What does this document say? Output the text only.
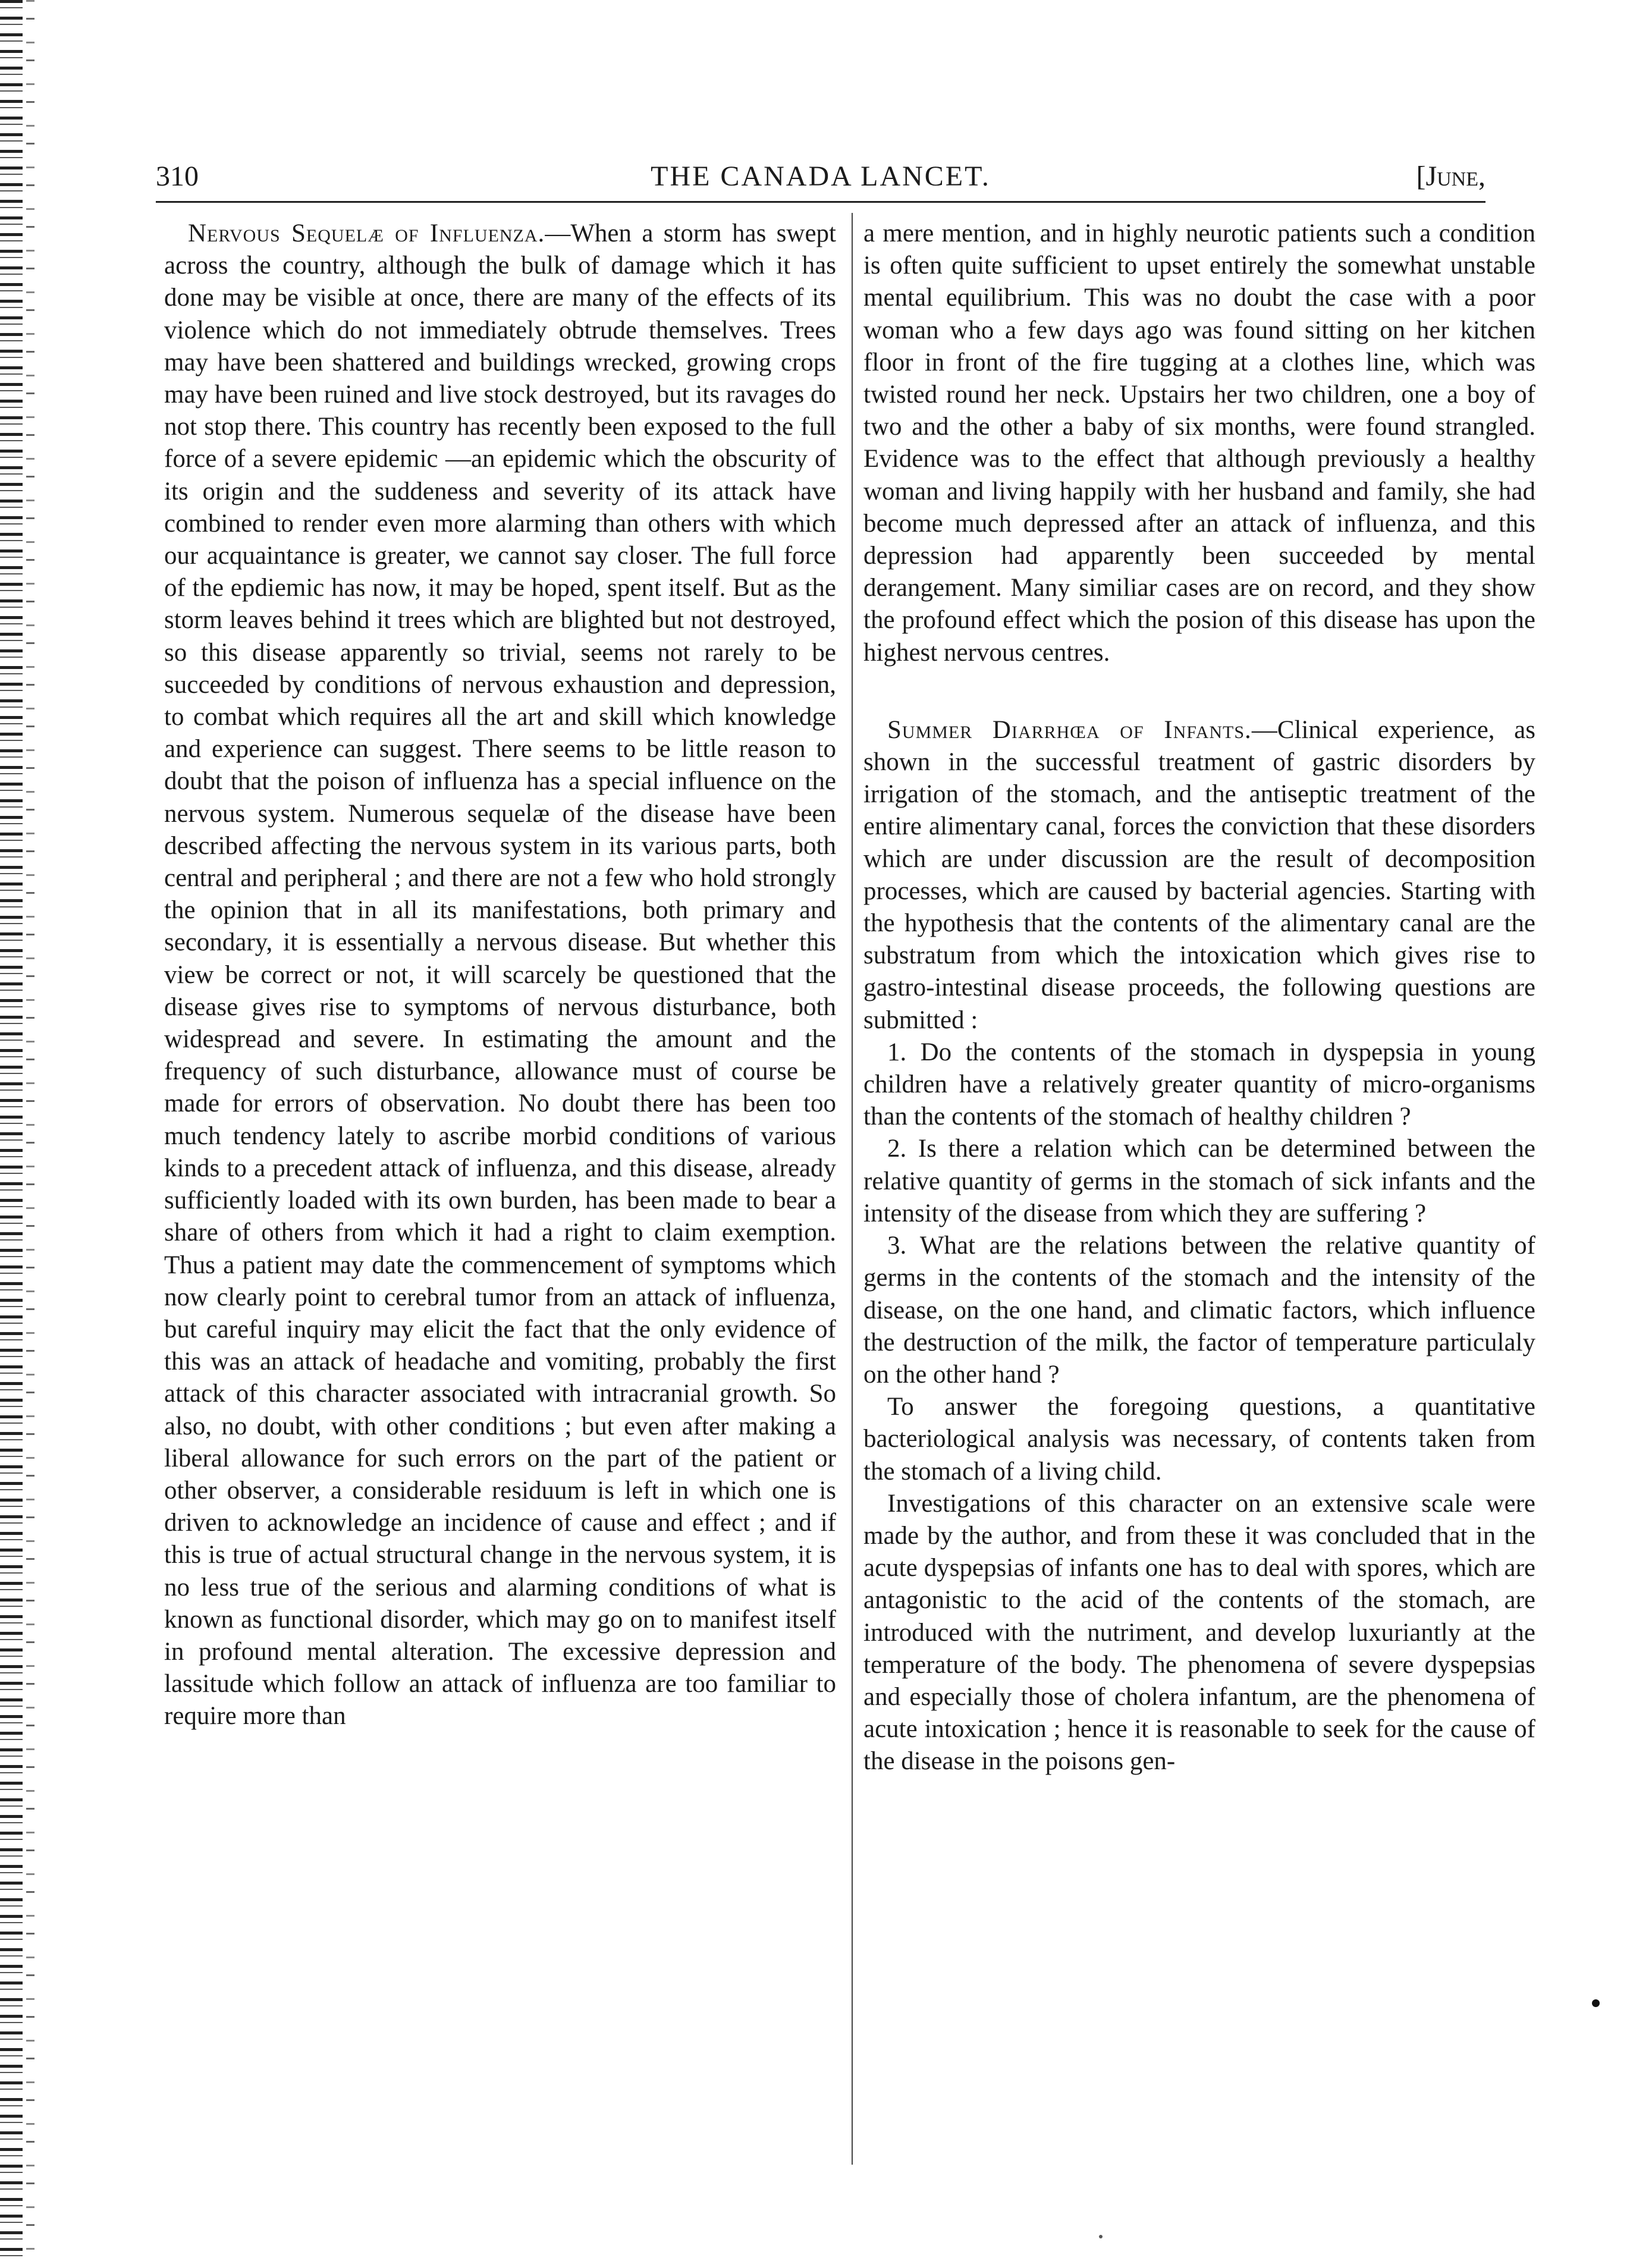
310	THE CANADA LANCET.	[June,

Nervous Sequelæ of Influenza.—When a storm has swept across the country, although the bulk of damage which it has done may be visible at once, there are many of the effects of its violence which do not immediately obtrude themselves. Trees may have been shattered and buildings wrecked, growing crops may have been ruined and live stock destroyed, but its ravages do not stop there. This country has recently been exposed to the full force of a severe epidemic —an epidemic which the obscurity of its origin and the suddeness and severity of its attack have combined to render even more alarming than others with which our acquaintance is greater, we cannot say closer. The full force of the epdiemic has now, it may be hoped, spent itself. But as the storm leaves behind it trees which are blighted but not destroyed, so this disease apparently so trivial, seems not rarely to be succeeded by conditions of nervous exhaustion and depression, to combat which requires all the art and skill which knowledge and experience can suggest. There seems to be little reason to doubt that the poison of influenza has a special influence on the nervous system. Numerous sequelæ of the disease have been described affecting the nervous system in its various parts, both central and peripheral ; and there are not a few who hold strongly the opinion that in all its manifestations, both primary and secondary, it is essentially a nervous disease. But whether this view be correct or not, it will scarcely be questioned that the disease gives rise to symptoms of nervous disturbance, both widespread and severe. In estimating the amount and the frequency of such disturbance, allowance must of course be made for errors of observation. No doubt there has been too much tendency lately to ascribe morbid conditions of various kinds to a precedent attack of influenza, and this disease, already sufficiently loaded with its own burden, has been made to bear a share of others from which it had a right to claim exemption. Thus a patient may date the commencement of symptoms which now clearly point to cerebral tumor from an attack of influenza, but careful inquiry may elicit the fact that the only evidence of this was an attack of headache and vomiting, probably the first attack of this character associated with intracranial growth. So also, no doubt, with other conditions ; but even after making a liberal allowance for such errors on the part of the patient or other observer, a considerable residuum is left in which one is driven to acknowledge an incidence of cause and effect ; and if this is true of actual structural change in the nervous system, it is no less true of the serious and alarming conditions of what is known as functional disorder, which may go on to manifest itself in profound mental alteration. The excessive depression and lassitude which follow an attack of influenza are too familiar to require more than

a mere mention, and in highly neurotic patients such a condition is often quite sufficient to upset entirely the somewhat unstable mental equilibrium. This was no doubt the case with a poor woman who a few days ago was found sitting on her kitchen floor in front of the fire tugging at a clothes line, which was twisted round her neck. Upstairs her two children, one a boy of two and the other a baby of six months, were found strangled. Evidence was to the effect that although previously a healthy woman and living happily with her husband and family, she had become much depressed after an attack of influenza, and this depression had apparently been succeeded by mental derangement. Many similiar cases are on record, and they show the profound effect which the posion of this disease has upon the highest nervous centres.

Summer Diarrhœa of Infants.—Clinical experience, as shown in the successful treatment of gastric disorders by irrigation of the stomach, and the antiseptic treatment of the entire alimentary canal, forces the conviction that these disorders which are under discussion are the result of decomposition processes, which are caused by bacterial agencies. Starting with the hypothesis that the contents of the alimentary canal are the substratum from which the intoxication which gives rise to gastro-intestinal disease proceeds, the following questions are submitted :

1. Do the contents of the stomach in dyspepsia in young children have a relatively greater quantity of micro-organisms than the contents of the stomach of healthy children ?

2. Is there a relation which can be determined between the relative quantity of germs in the stomach of sick infants and the intensity of the disease from which they are suffering ?

3. What are the relations between the relative quantity of germs in the contents of the stomach and the intensity of the disease, on the one hand, and climatic factors, which influence the destruction of the milk, the factor of temperature particulaly on the other hand ?

To answer the foregoing questions, a quantitative bacteriological analysis was necessary, of contents taken from the stomach of a living child.

Investigations of this character on an extensive scale were made by the author, and from these it was concluded that in the acute dyspepsias of infants one has to deal with spores, which are antagonistic to the acid of the contents of the stomach, are introduced with the nutriment, and develop luxuriantly at the temperature of the body. The phenomena of severe dyspepsias and especially those of cholera infantum, are the phenomena of acute intoxication ; hence it is reasonable to seek for the cause of the disease in the poisons gen-
